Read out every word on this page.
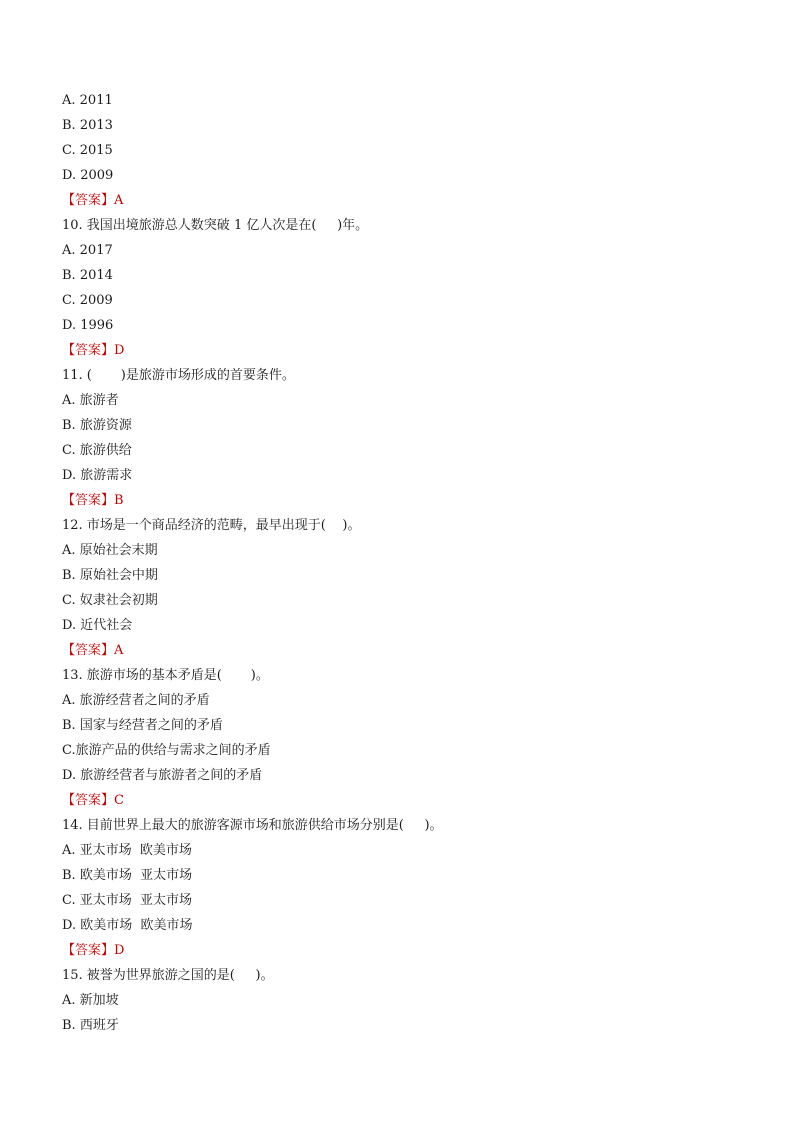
A. 2011
B. 2013
C. 2015
D. 2009
【答案】A
10. 我国出境旅游总人数突破 1 亿人次是在(     )年。
A. 2017
B. 2014
C. 2009
D. 1996
【答案】D
11. (       )是旅游市场形成的首要条件。
A. 旅游者
B. 旅游资源
C. 旅游供给
D. 旅游需求
【答案】B
12. 市场是一个商品经济的范畴，最早出现于(    )。
A. 原始社会末期
B. 原始社会中期
C. 奴隶社会初期
D. 近代社会
【答案】A
13. 旅游市场的基本矛盾是(       )。
A. 旅游经营者之间的矛盾
B. 国家与经营者之间的矛盾
C.旅游产品的供给与需求之间的矛盾
D. 旅游经营者与旅游者之间的矛盾
【答案】C
14. 目前世界上最大的旅游客源市场和旅游供给市场分别是(     )。
A. 亚太市场  欧美市场
B. 欧美市场  亚太市场
C. 亚太市场  亚太市场
D. 欧美市场  欧美市场
【答案】D
15. 被誉为世界旅游之国的是(     )。
A. 新加坡
B. 西班牙
